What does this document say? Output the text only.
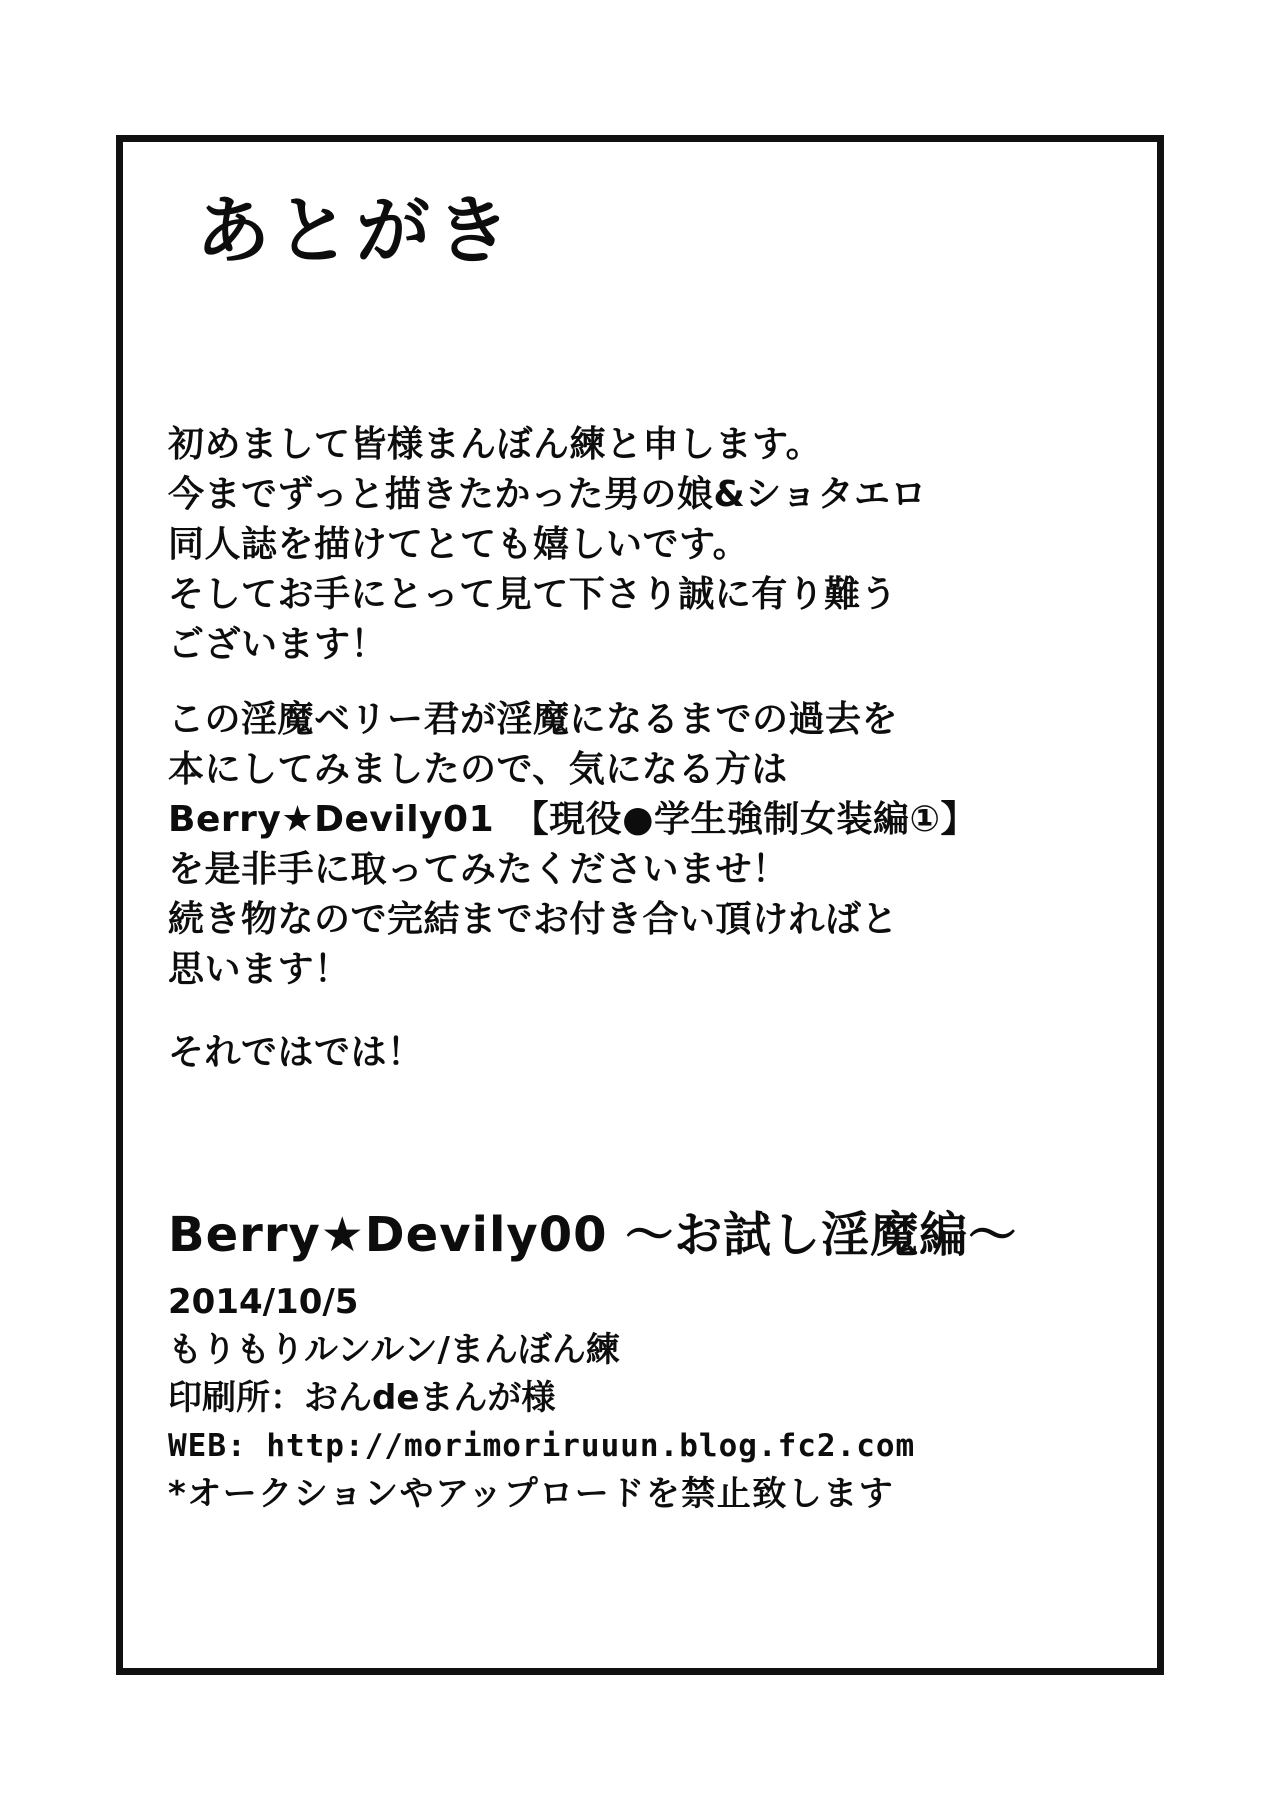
あとがき
初めまして皆様まんぼん練と申します。
今までずっと描きたかった男の娘&ショタエロ
同人誌を描けてとても嬉しいです。
そしてお手にとって見て下さり誠に有り難う
ございます！
この淫魔ベリー君が淫魔になるまでの過去を
本にしてみましたので、気になる方は
Berry★Devily01　【現役●学生強制女装編①】
を是非手に取ってみたくださいませ！
続き物なので完結までお付き合い頂ければと
思います！
それではでは！
Berry★Devily00 ～お試し淫魔編～
2014/10/5
もりもりルンルン/まんぼん練
印刷所：おんdeまんが様
WEB: http://morimoriruuun.blog.fc2.com
*オークションやアップロードを禁止致します
